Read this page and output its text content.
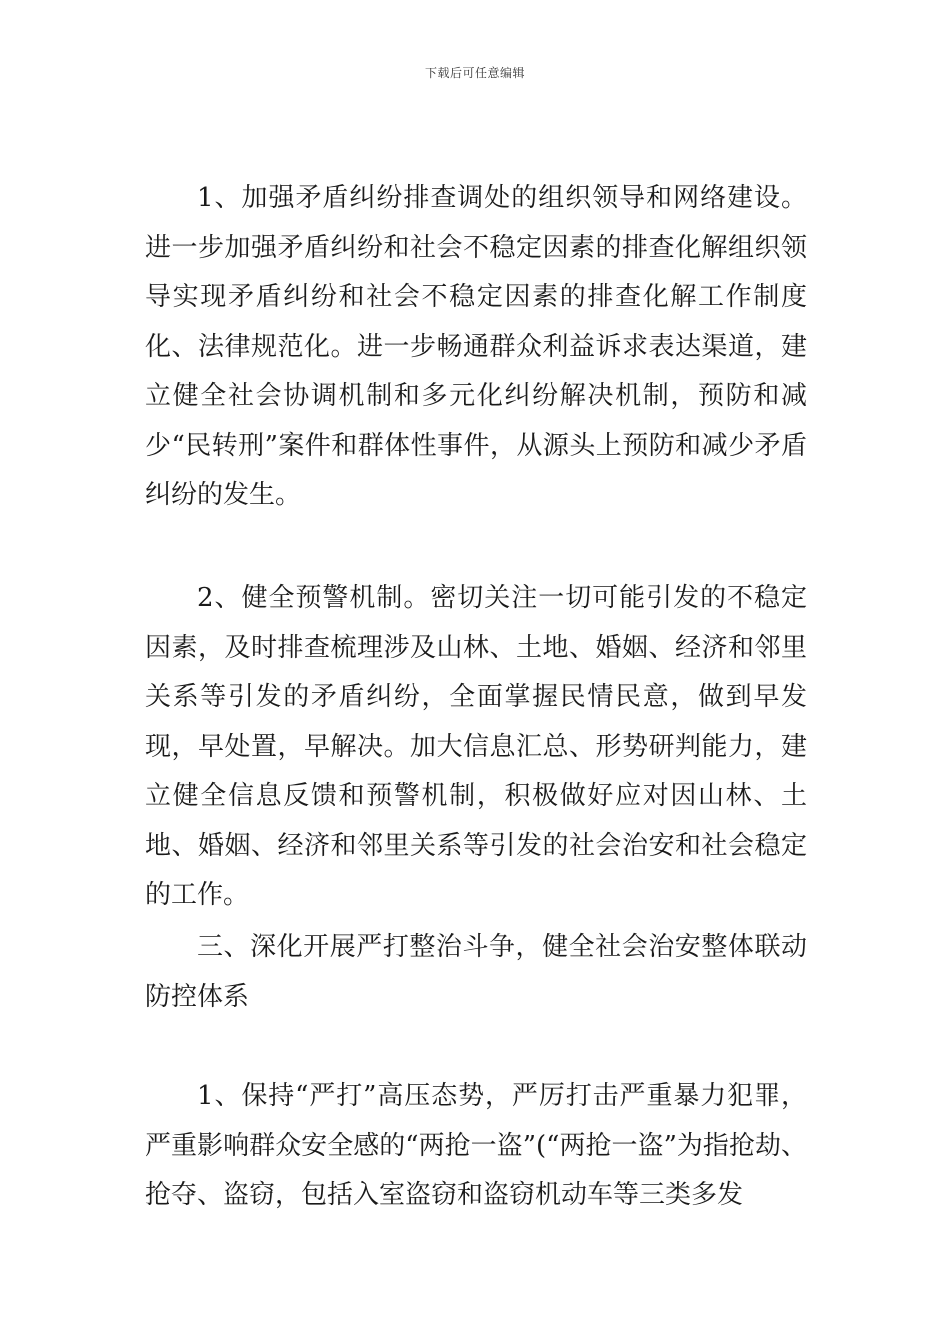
下载后可任意编辑

1、加强矛盾纠纷排查调处的组织领导和网络建设。进一步加强矛盾纠纷和社会不稳定因素的排查化解组织领导实现矛盾纠纷和社会不稳定因素的排查化解工作制度化、法律规范化。进一步畅通群众利益诉求表达渠道，建立健全社会协调机制和多元化纠纷解决机制，预防和减少“民转刑”案件和群体性事件，从源头上预防和减少矛盾纠纷的发生。

2、健全预警机制。密切关注一切可能引发的不稳定因素，及时排查梳理涉及山林、土地、婚姻、经济和邻里关系等引发的矛盾纠纷，全面掌握民情民意，做到早发现，早处置，早解决。加大信息汇总、形势研判能力，建立健全信息反馈和预警机制，积极做好应对因山林、土地、婚姻、经济和邻里关系等引发的社会治安和社会稳定的工作。

三、深化开展严打整治斗争，健全社会治安整体联动防控体系

1、保持“严打”高压态势，严厉打击严重暴力犯罪，严重影响群众安全感的“两抢一盗”(“两抢一盗”为指抢劫、抢夺、盗窃，包括入室盗窃和盗窃机动车等三类多发
